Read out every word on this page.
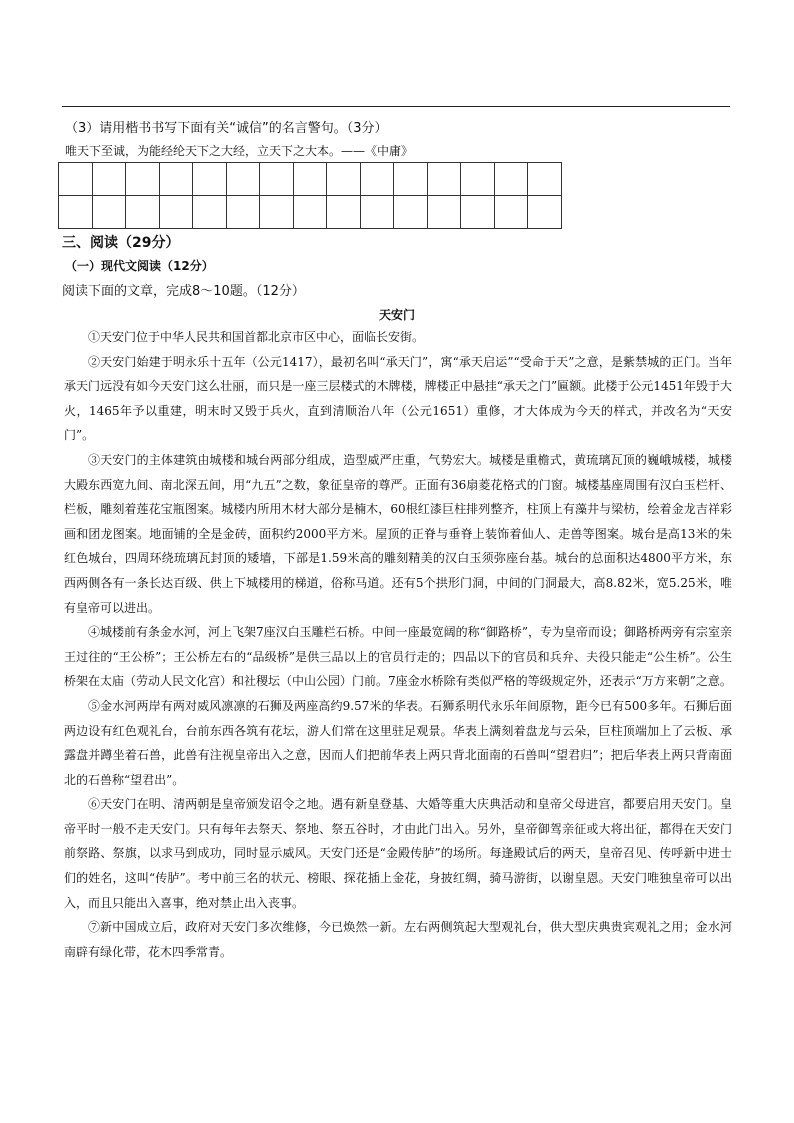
（3）请用楷书书写下面有关“诚信”的名言警句。（3分）
唯天下至诚，为能经纶天下之大经，立天下之大本。——《中庸》

三、阅读（29分）
（一）现代文阅读（12分）
阅读下面的文章，完成8～10题。（12分）
天安门

①天安门位于中华人民共和国首都北京市区中心，面临长安街。

②天安门始建于明永乐十五年（公元1417），最初名叫“承天门”，寓“承天启运”“受命于天”之意，是紫禁城的正门。当年承天门远没有如今天安门这么壮丽，而只是一座三层楼式的木牌楼，牌楼正中悬挂“承天之门”匾额。此楼于公元1451年毁于大火，1465年予以重建，明末时又毁于兵火，直到清顺治八年（公元1651）重修，才大体成为今天的样式，并改名为“天安门”。

③天安门的主体建筑由城楼和城台两部分组成，造型威严庄重，气势宏大。城楼是重檐式，黄琉璃瓦顶的巍峨城楼，城楼大殿东西宽九间、南北深五间，用“九五”之数，象征皇帝的尊严。正面有36扇菱花格式的门窗。城楼基座周围有汉白玉栏杆、栏板，雕刻着莲花宝瓶图案。城楼内所用木材大部分是楠木，60根红漆巨柱排列整齐，柱顶上有藻井与梁枋，绘着金龙吉祥彩画和团龙图案。地面铺的全是金砖，面积约2000平方米。屋顶的正脊与垂脊上装饰着仙人、走兽等图案。城台是高13米的朱红色城台，四周环绕琉璃瓦封顶的矮墙，下部是1.59米高的雕刻精美的汉白玉须弥座台基。城台的总面积达4800平方米，东西两侧各有一条长达百级、供上下城楼用的梯道，俗称马道。还有5个拱形门洞，中间的门洞最大，高8.82米，宽5.25米，唯有皇帝可以进出。

④城楼前有条金水河，河上飞架7座汉白玉雕栏石桥。中间一座最宽阔的称“御路桥”，专为皇帝而设；御路桥两旁有宗室亲王过往的“王公桥”；王公桥左右的“品级桥”是供三品以上的官员行走的；四品以下的官员和兵弁、夫役只能走“公生桥”。公生桥架在太庙（劳动人民文化宫）和社稷坛（中山公园）门前。7座金水桥除有类似严格的等级规定外，还表示“万方来朝”之意。

⑤金水河两岸有两对威风凛凛的石狮及两座高约9.57米的华表。石狮系明代永乐年间原物，距今已有500多年。石狮后面两边设有红色观礼台，台前东西各筑有花坛，游人们常在这里驻足观景。华表上满刻着盘龙与云朵，巨柱顶端加上了云板、承露盘并蹲坐着石兽，此兽有注视皇帝出入之意，因而人们把前华表上两只背北面南的石兽叫“望君归”；把后华表上两只背南面北的石兽称“望君出”。

⑥天安门在明、清两朝是皇帝颁发诏令之地。遇有新皇登基、大婚等重大庆典活动和皇帝父母进宫，都要启用天安门。皇帝平时一般不走天安门。只有每年去祭天、祭地、祭五谷时，才由此门出入。另外，皇帝御驾亲征或大将出征，都得在天安门前祭路、祭旗，以求马到成功，同时显示威风。天安门还是“金殿传胪”的场所。每逢殿试后的两天，皇帝召见、传呼新中进士们的姓名，这叫“传胪”。考中前三名的状元、榜眼、探花插上金花，身披红绸，骑马游街，以谢皇恩。天安门唯独皇帝可以出入，而且只能出入喜事，绝对禁止出入丧事。

⑦新中国成立后，政府对天安门多次维修，今已焕然一新。左右两侧筑起大型观礼台，供大型庆典贵宾观礼之用；金水河南辟有绿化带，花木四季常青。
